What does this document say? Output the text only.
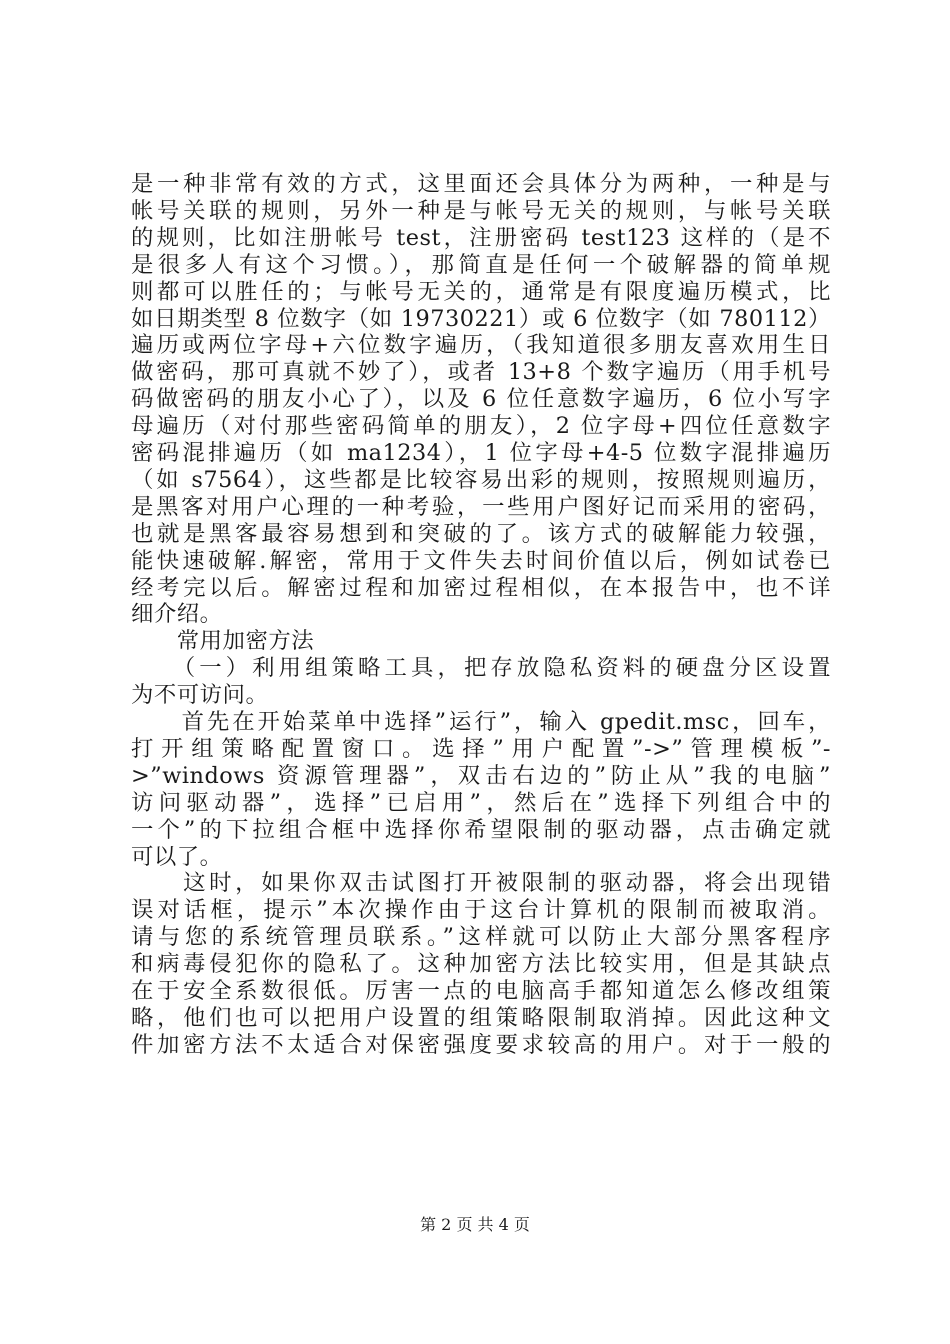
是一种非常有效的方式，这里面还会具体分为两种，一种是与
帐号关联的规则，另外一种是与帐号无关的规则，与帐号关联
的规则，比如注册帐号 test，注册密码 test123 这样的（是不
是很多人有这个习惯。），那简直是任何一个破解器的简单规
则都可以胜任的；与帐号无关的，通常是有限度遍历模式，比
如日期类型 8 位数字（如 19730221）或 6 位数字（如 780112）
遍历或两位字母+六位数字遍历，（我知道很多朋友喜欢用生日
做密码，那可真就不妙了），或者 13+8 个数字遍历（用手机号
码做密码的朋友小心了），以及 6 位任意数字遍历，6 位小写字
母遍历（对付那些密码简单的朋友），2 位字母+四位任意数字
密码混排遍历（如 ma1234），1 位字母+4-5 位数字混排遍历
（如 s7564），这些都是比较容易出彩的规则，按照规则遍历，
是黑客对用户心理的一种考验，一些用户图好记而采用的密码，
也就是黑客最容易想到和突破的了。该方式的破解能力较强，
能快速破解.解密，常用于文件失去时间价值以后，例如试卷已
经考完以后。解密过程和加密过程相似，在本报告中，也不详
细介绍。
　　常用加密方法
　　（一）利用组策略工具，把存放隐私资料的硬盘分区设置
为不可访问。
　　首先在开始菜单中选择”运行”，输入 gpedit.msc，回车，
打开组策略配置窗口。选择”用户配置”->”管理模板”-
>”windows 资源管理器”，双击右边的”防止从”我的电脑”
访问驱动器”，选择”已启用”，然后在”选择下列组合中的
一个”的下拉组合框中选择你希望限制的驱动器，点击确定就
可以了。
　　这时，如果你双击试图打开被限制的驱动器，将会出现错
误对话框，提示”本次操作由于这台计算机的限制而被取消。
请与您的系统管理员联系。”这样就可以防止大部分黑客程序
和病毒侵犯你的隐私了。这种加密方法比较实用，但是其缺点
在于安全系数很低。厉害一点的电脑高手都知道怎么修改组策
略，他们也可以把用户设置的组策略限制取消掉。因此这种文
件加密方法不太适合对保密强度要求较高的用户。对于一般的
第 2 页 共 4 页
